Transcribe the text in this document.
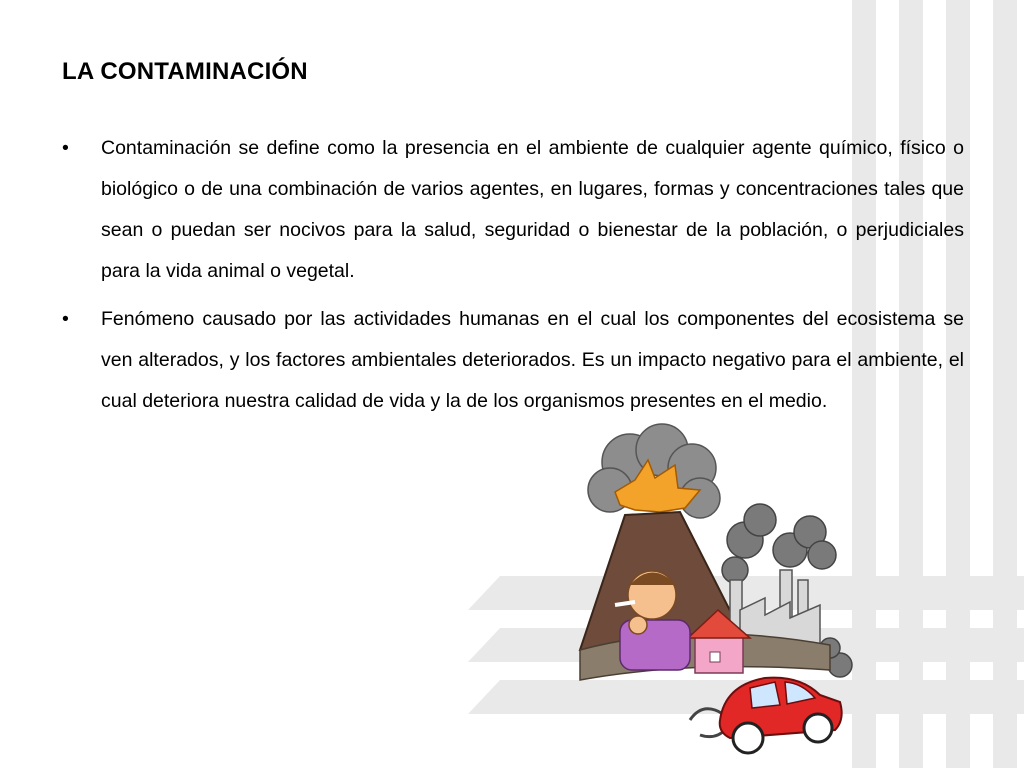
LA CONTAMINACIÓN
•	Contaminación se define como la presencia en el ambiente de cualquier agente químico, físico o biológico o de una combinación de varios agentes, en lugares, formas y concentraciones tales que sean o puedan ser nocivos para la salud, seguridad o bienestar de la población, o perjudiciales para la vida animal o vegetal.
•	Fenómeno causado por las actividades humanas en el cual los componentes del ecosistema se ven alterados, y los factores ambientales deteriorados. Es un impacto negativo para el ambiente, el cual deteriora nuestra calidad de vida y la de los organismos presentes en el medio.
